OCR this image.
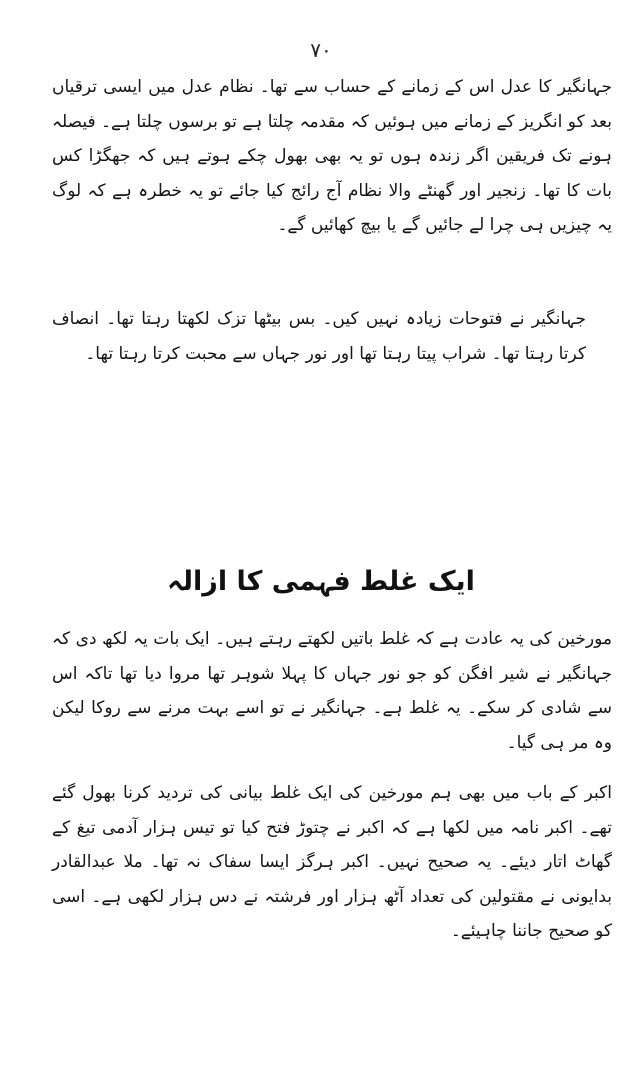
۷۰

جہانگیر کا عدل اس کے زمانے کے حساب سے تھا۔ نظام عدل میں ایسی ترقیاں بعد کو انگریز کے زمانے میں ہوئیں کہ مقدمہ چلتا ہے تو برسوں چلتا ہے۔ فیصلہ ہونے تک فریقین اگر زندہ ہوں تو یہ بھی بھول چکے ہوتے ہیں کہ جھگڑا کس بات کا تھا۔ زنجیر اور گھنٹے والا نظام آج رائج کیا جائے تو یہ خطرہ ہے کہ لوگ یہ چیزیں ہی چرا لے جائیں گے یا بیچ کھائیں گے۔

جہانگیر نے فتوحات زیادہ نہیں کیں۔ بس بیٹھا تزک لکھتا رہتا تھا۔ انصاف کرتا رہتا تھا۔ شراب پیتا رہتا تھا اور نور جہاں سے محبت کرتا رہتا تھا۔

ایک غلط فہمی کا ازالہ

مورخین کی یہ عادت ہے کہ غلط باتیں لکھتے رہتے ہیں۔ ایک بات یہ لکھ دی کہ جہانگیر نے شیر افگن کو جو نور جہاں کا پہلا شوہر تھا مروا دیا تھا تاکہ اس سے شادی کر سکے۔ یہ غلط ہے۔ جہانگیر نے تو اسے بہت مرنے سے روکا لیکن وہ مر ہی گیا۔

اکبر کے باب میں بھی ہم مورخین کی ایک غلط بیانی کی تردید کرنا بھول گئے تھے۔ اکبر نامہ میں لکھا ہے کہ اکبر نے چتوڑ فتح کیا تو تیس ہزار آدمی تیغ کے گھاٹ اتار دیئے۔ یہ صحیح نہیں۔ اکبر ہرگز ایسا سفاک نہ تھا۔ ملا عبدالقادر بدایونی نے مقتولین کی تعداد آٹھ ہزار اور فرشتہ نے دس ہزار لکھی ہے۔ اسی کو صحیح جاننا چاہیئے۔
